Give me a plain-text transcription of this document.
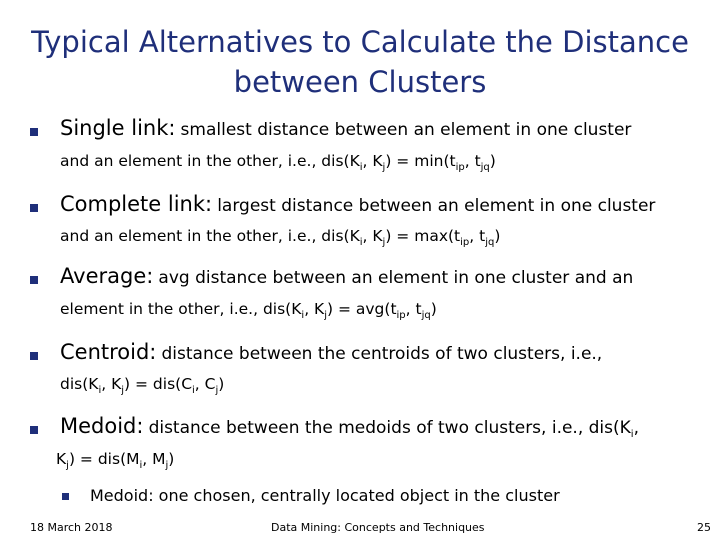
Typical Alternatives to Calculate the Distance
between Clusters
Single link: smallest distance between an element in one cluster
and an element in the other, i.e., $dis(K_i$, $K_j) = \min(t_{ip}$, $t_{jq}$)
Complete link: largest distance between an element in one cluster
and an element in the other, i.e., $dis(K_i$, $K_j) = \max(t_{ip}$, $t_{jq}$)
Average: avg distance between an element in one cluster and an
element in the other, i.e., $dis(K_i$, $K_j) = avg(t_{ip}$, $t_{jq}$)
Centroid: distance between the centroids of two clusters, i.e.,
$dis(K_i$, $K_j) = dis(C_i$, $C_j$)
Medoid: distance between the medoids of two clusters, i.e., $dis(K_i$,
$K_j) = dis(M_i$, $M_j$)
Medoid: one chosen, centrally located object in the cluster
18 March 2018	Data Mining: Concepts and Techniques	25
